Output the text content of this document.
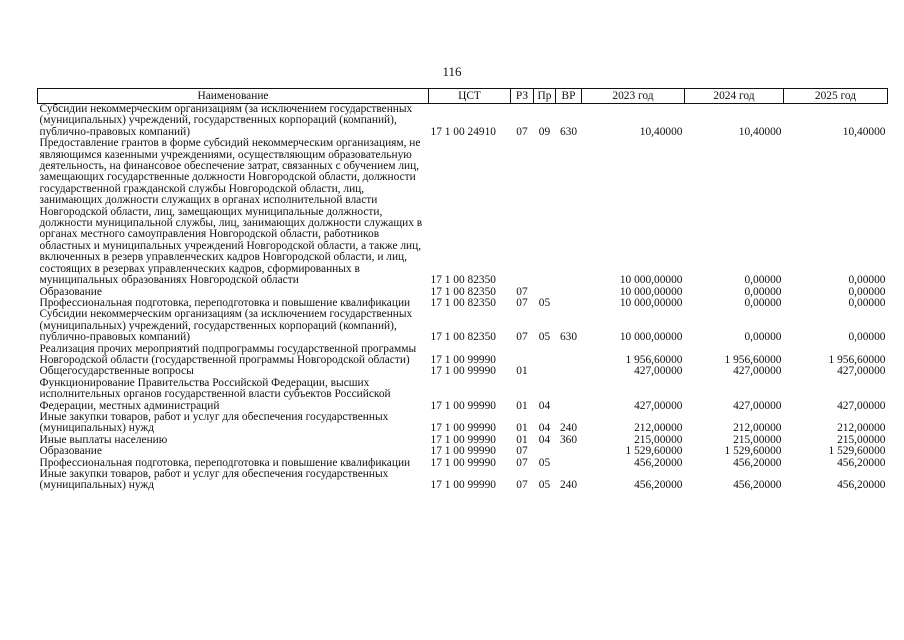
116
Наименование	ЦСТ	РЗ	Пр	ВР	2023 год	2024 год	2025 год
Субсидии некоммерческим организациям (за исключением государственных (муниципальных) учреждений, государственных корпораций (компаний), публично-правовых компаний)	17 1 00 24910	07	09	630	10,40000	10,40000	10,40000
Предоставление грантов в форме субсидий некоммерческим организациям, не являющимся казенными учреждениями, осуществляющим образовательную деятельность, на финансовое обеспечение затрат, связанных с обучением лиц, замещающих государственные должности Новгородской области, должности государственной гражданской службы Новгородской области, лиц, занимающих должности служащих в органах исполнительной власти Новгородской области, лиц, замещающих муниципальные должности, должности муниципальной службы, лиц, занимающих должности служащих в органах местного самоуправления Новгородской области, работников областных и муниципальных учреждений Новгородской области, а также лиц, включенных в резерв управленческих кадров Новгородской области, и лиц, состоящих в резервах управленческих кадров, сформированных в муниципальных образованиях Новгородской области	17 1 00 82350				10 000,00000	0,00000	0,00000
Образование	17 1 00 82350	07			10 000,00000	0,00000	0,00000
Профессиональная подготовка, переподготовка и повышение квалификации	17 1 00 82350	07	05		10 000,00000	0,00000	0,00000
Субсидии некоммерческим организациям (за исключением государственных (муниципальных) учреждений, государственных корпораций (компаний), публично-правовых компаний)	17 1 00 82350	07	05	630	10 000,00000	0,00000	0,00000
Реализация прочих мероприятий подпрограммы государственной программы Новгородской области (государственной программы Новгородской области)	17 1 00 99990				1 956,60000	1 956,60000	1 956,60000
Общегосударственные вопросы	17 1 00 99990	01			427,00000	427,00000	427,00000
Функционирование Правительства Российской Федерации, высших исполнительных органов государственной власти субъектов Российской Федерации, местных администраций	17 1 00 99990	01	04		427,00000	427,00000	427,00000
Иные закупки товаров, работ и услуг для обеспечения государственных (муниципальных) нужд	17 1 00 99990	01	04	240	212,00000	212,00000	212,00000
Иные выплаты населению	17 1 00 99990	01	04	360	215,00000	215,00000	215,00000
Образование	17 1 00 99990	07			1 529,60000	1 529,60000	1 529,60000
Профессиональная подготовка, переподготовка и повышение квалификации	17 1 00 99990	07	05		456,20000	456,20000	456,20000
Иные закупки товаров, работ и услуг для обеспечения государственных (муниципальных) нужд	17 1 00 99990	07	05	240	456,20000	456,20000	456,20000
